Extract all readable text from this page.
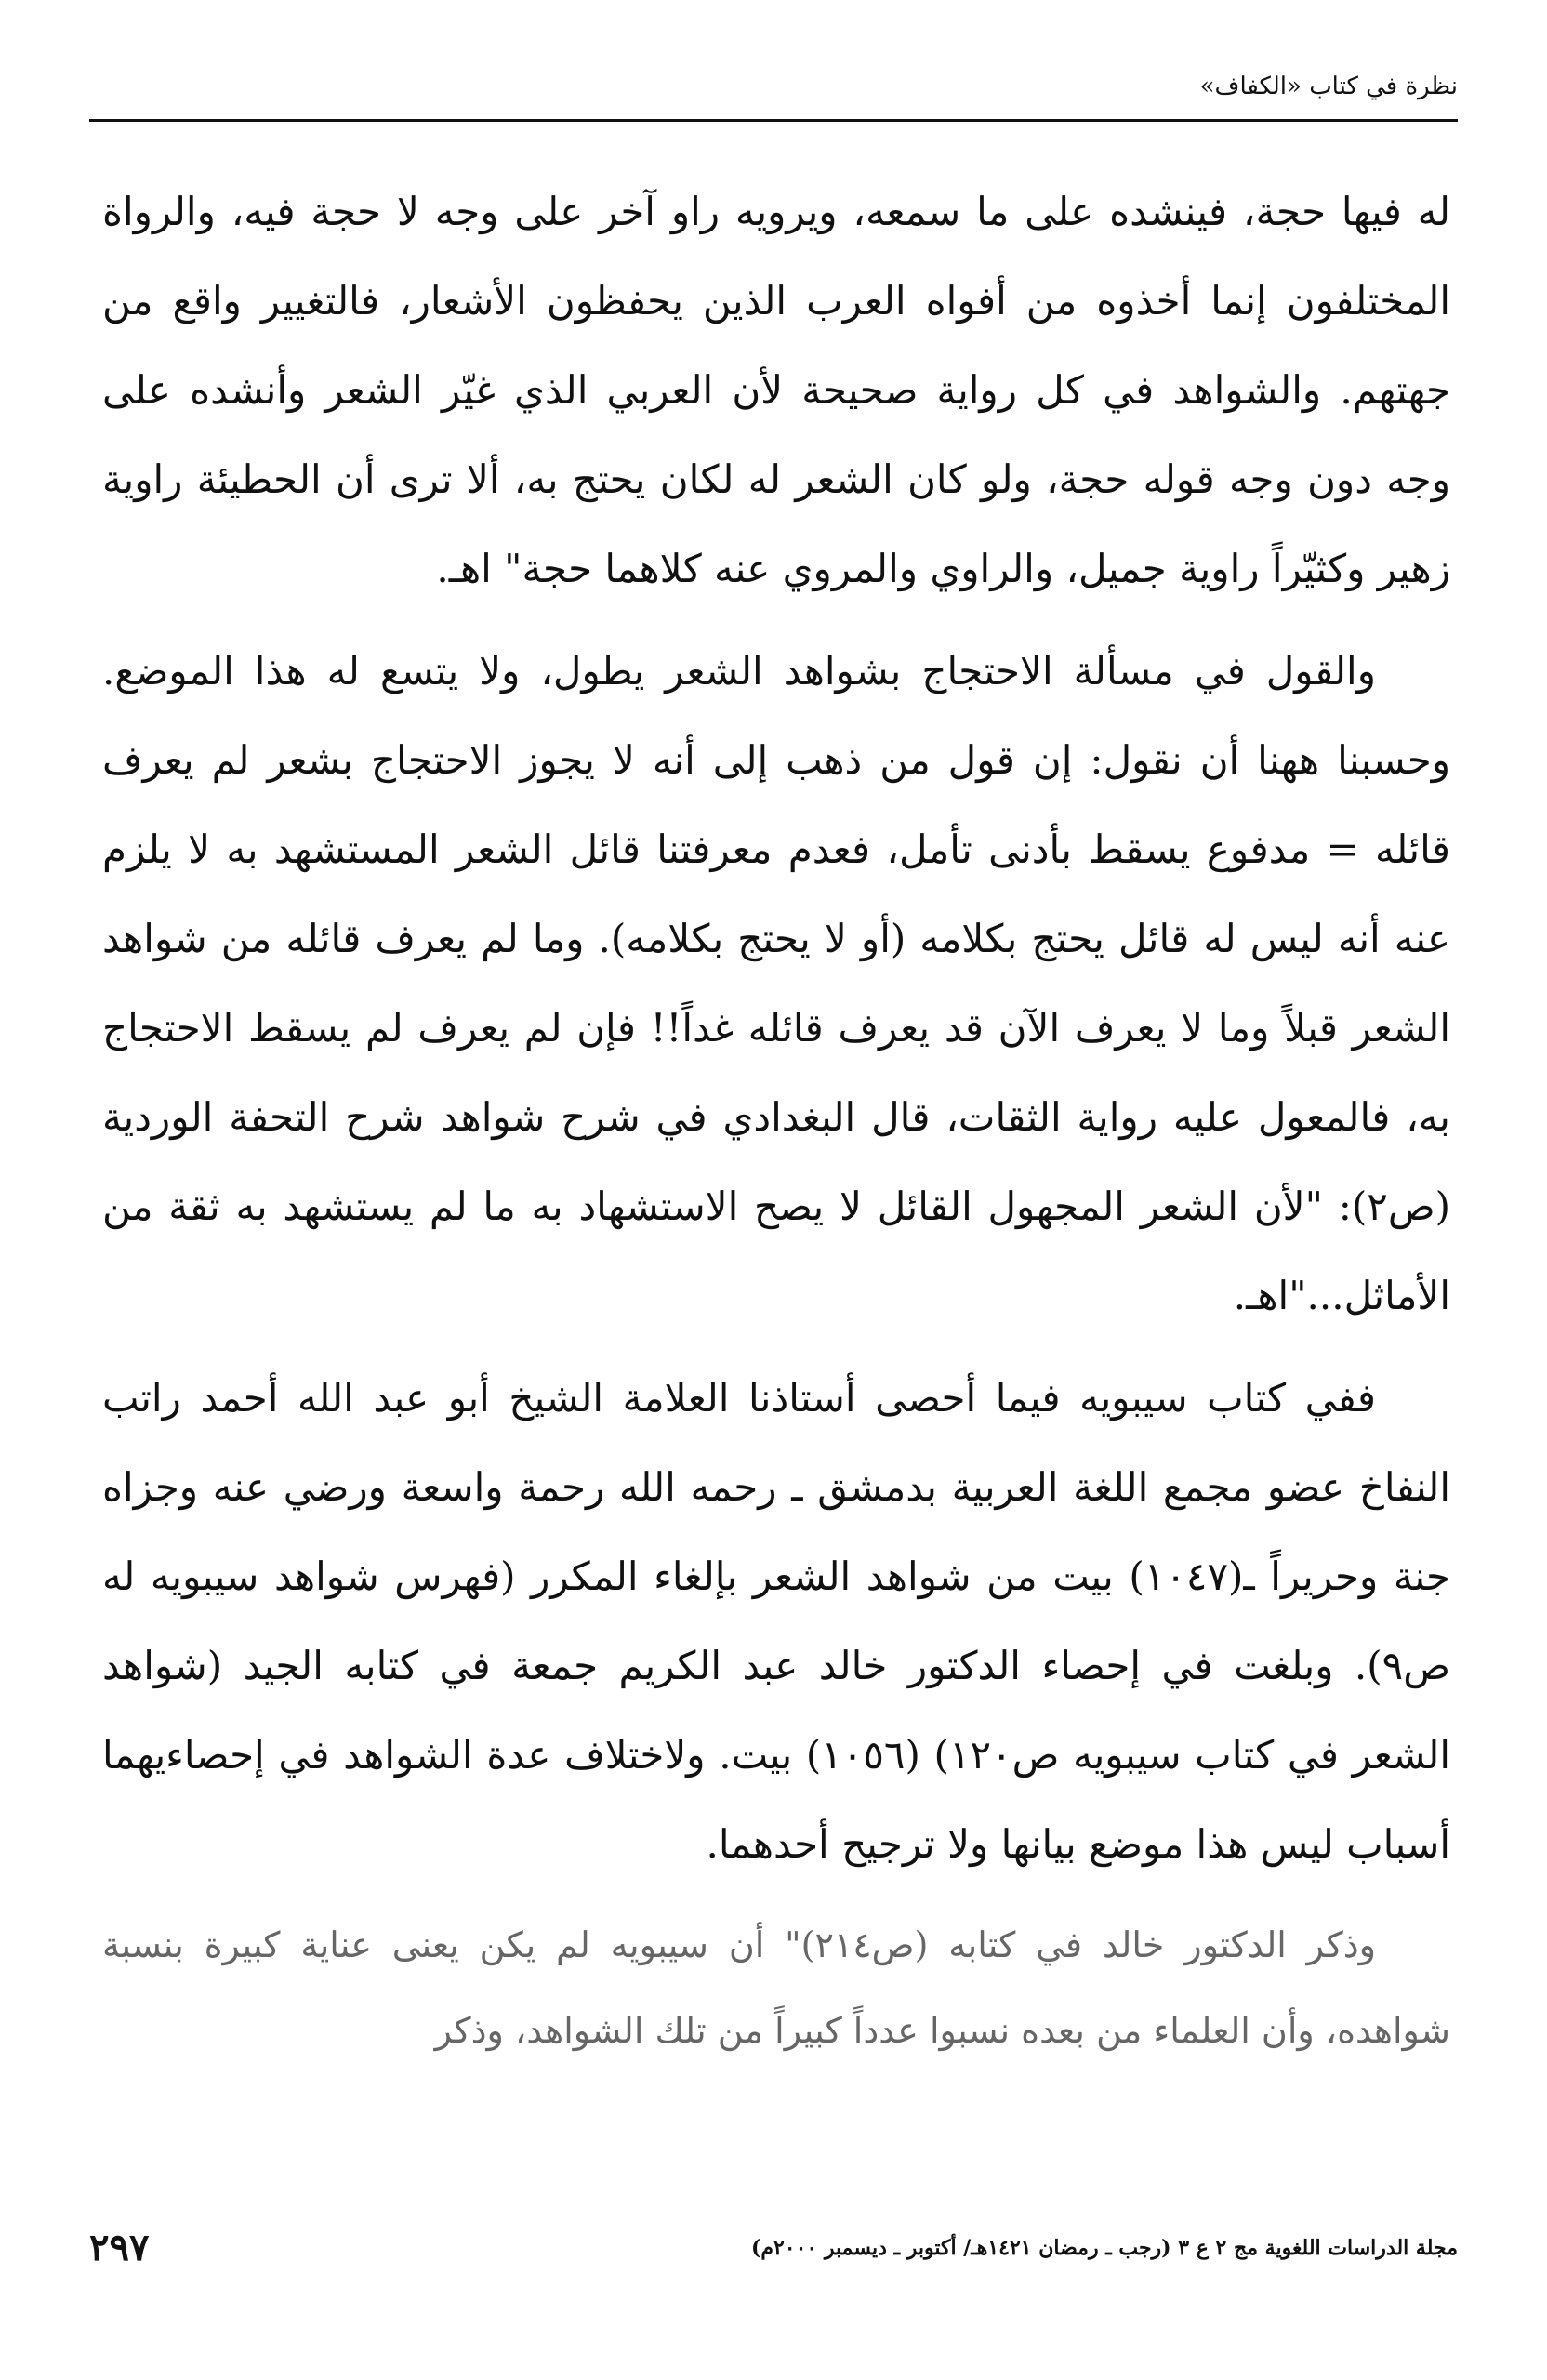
نظرة في كتاب «الكفاف»

له فيها حجة، فينشده على ما سمعه، ويرويه راو آخر على وجه لا حجة فيه، والرواة المختلفون إنما أخذوه من أفواه العرب الذين يحفظون الأشعار، فالتغيير واقع من جهتهم. والشواهد في كل رواية صحيحة لأن العربي الذي غيّر الشعر وأنشده على وجه دون وجه قوله حجة، ولو كان الشعر له لكان يحتج به، ألا ترى أن الحطيئة راوية زهير وكثيّراً راوية جميل، والراوي والمروي عنه كلاهما حجة" اهـ.

والقول في مسألة الاحتجاج بشواهد الشعر يطول، ولا يتسع له هذا الموضع. وحسبنا ههنا أن نقول: إن قول من ذهب إلى أنه لا يجوز الاحتجاج بشعر لم يعرف قائله = مدفوع يسقط بأدنى تأمل، فعدم معرفتنا قائل الشعر المستشهد به لا يلزم عنه أنه ليس له قائل يحتج بكلامه (أو لا يحتج بكلامه). وما لم يعرف قائله من شواهد الشعر قبلاً وما لا يعرف الآن قد يعرف قائله غداً!! فإن لم يعرف لم يسقط الاحتجاج به، فالمعول عليه رواية الثقات، قال البغدادي في شرح شواهد شرح التحفة الوردية (ص٢): "لأن الشعر المجهول القائل لا يصح الاستشهاد به ما لم يستشهد به ثقة من الأماثل..."اهـ.

ففي كتاب سيبويه فيما أحصى أستاذنا العلامة الشيخ أبو عبد الله أحمد راتب النفاخ عضو مجمع اللغة العربية بدمشق ـ رحمه الله رحمة واسعة ورضي عنه وجزاه جنة وحريراً ـ(١٠٤٧) بيت من شواهد الشعر بإلغاء المكرر (فهرس شواهد سيبويه له ص٩). وبلغت في إحصاء الدكتور خالد عبد الكريم جمعة في كتابه الجيد (شواهد الشعر في كتاب سيبويه ص١٢٠) (١٠٥٦) بيت. ولاختلاف عدة الشواهد في إحصاءيهما أسباب ليس هذا موضع بيانها ولا ترجيح أحدهما.

وذكر الدكتور خالد في كتابه (ص٢١٤)" أن سيبويه لم يكن يعنى عناية كبيرة بنسبة شواهده، وأن العلماء من بعده نسبوا عدداً كبيراً من تلك الشواهد، وذكر

٢٩٧	مجلة الدراسات اللغوية مج ٢ ع ٣ (رجب ـ رمضان ١٤٢١هـ/ أكتوبر ـ ديسمبر ٢٠٠٠م)
